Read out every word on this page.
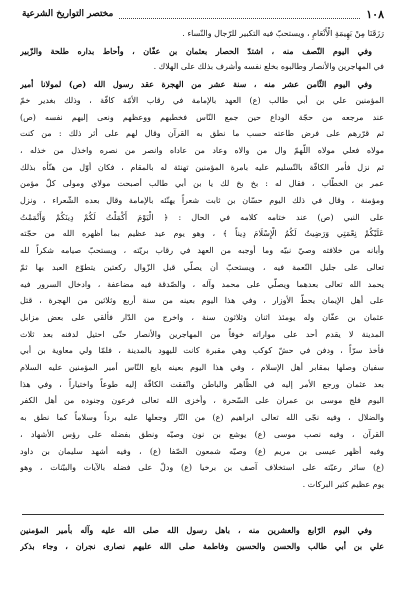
١٠٨
مختصر التواريخ الشرعية
رَزَقَنَا مِنْ بَهِيمَةِ الْأَنْعَامِ ، ويستحبّ فيه التكبير للرّجال والنّساء .
وفي اليوم النّصف منه ، اشتدّ الحصار بعثمان بن عفّان ، وأحاط بداره طلحة والزّبير
في المهاجرين والأنصار وطالبوه بخلع نفسه وأشرف بذلك على الهلاك .
وفي اليوم الثّامن عشر منه ، سنة عشر من الهجرة عقد رسول الله (ص) لمولانا أمير
المؤمنين علي بن أبي طالب (ع) العهد بالإمامة في رقاب الأمّة كافّة ، وذلك بغدير خمّ
عند مرجعه من حجّة الوداع حين جمع النّاس فخطبهم ووعظهم ونعى إليهم نفسه (ص)
ثم قرّرهم على فرض طاعته حسب ما نطق به القرآن وقال لهم على أثر ذلك : من كنت
مولاه فعلي مولاه اللّهمّ وال من والاه وعاد من عاداه وانصر من نصره واخذل من خذله ،
ثم نزل فأمر الكافّة بالتّسليم عليه بامرة المؤمنين تهنئة له بالمقام ، فكان أوّل من هنّأه بذلك
عمر بن الخطّاب ، فقال له : بخ بخ لك يا بن أبي طالب أصبحت مولاي ومولى كلّ مؤمن
ومؤمنة ، وقال في ذلك اليوم حسّان بن ثابت شعراً يهنّئه بالإمامة وقال بعده الشّعراء ، ونزل
على النبي (ص) عند ختامه كلامه في الحال : ﴿ الْيَوْمَ أَكْمَلْتُ لَكُمْ دِينَكُمْ وَأَتْمَمْتُ
عَلَيْكُمْ نِعْمَتِي وَرَضِيتُ لَكُمُ الْإِسْلَامَ دِيناً ﴾ ، وهو يوم عيد عظيم بما أظهره الله من حجّته
وأبانه من خلافته وصيّ نبيّه وما أوجبه من العهد في رقاب بريّته ، ويستحبّ صيامه شكراً لله
تعالى على جليل النّعمة فيه ، ويستحبّ أن يصلّي قبل الزّوال ركعتين يتطوّع العبد بها ثمّ
يحمد الله تعالى بعدهما ويصلّي على محمد وآله ، والصّدقة فيه مضاعفة ، وادخال السرور فيه
على أهل الإيمان يحطّ الأوزار ، وفي هذا اليوم بعينه من سنة أربع وثلاثين من الهجرة ، قتل
عثمان بن عفّان وله يومئذ اثنان وثلاثون سنة ، واخرج من الدّار فألقي على بعض مزابل
المدينة لا يقدم أحد على مواراته خوفاً من المهاجرين والأنصار حتّى احتيل لدفنه بعد ثلاث
فأخذ سرّاً ، ودفن في حشّ كوكب وهي مقبرة كانت لليهود بالمدينة ، فلمّا ولي معاوية بن أبي
سفيان وصلها بمقابر أهل الإسلام ، وفي هذا اليوم بعينه بايع النّاس أمير المؤمنين عليه السلام
بعد عثمان ورجع الأمر إليه في الظّاهر والباطن واتّفقت الكافّة إليه طوعاً واختياراً ، وفي هذا
اليوم فلج موسى بن عمران على السّحرة ، وأخزى الله تعالى فرعون وجنوده من أهل الكفر
والضلال ، وفيه نجّى الله تعالى ابراهيم (ع) من النّار وجعلها عليه برداً وسلاماً كما نطق به
القرآن ، وفيه نصب موسى (ع) يوشع بن نون وصيّه ونطق بفضله على رؤس الأشهاد ،
وفيه أظهر عيسى بن مريم (ع) وصيّه شمعون الصّفا (ع) ، وفيه أشهد سليمان بن داود
(ع) سائر رعيّته على استخلاف آصف بن برخيا (ع) ودلّ على فضله بالآيات والبيّنات ، وهو
يوم عظيم كثير البركات .
وفي اليوم الرّابع والعشرين منه ، باهل رسول الله صلى الله عليه وآله بأمير المؤمنين
علي بن أبي طالب والحسن والحسين وفاطمة صلى الله عليهم نصارى نجران ، وجاء بذكر
